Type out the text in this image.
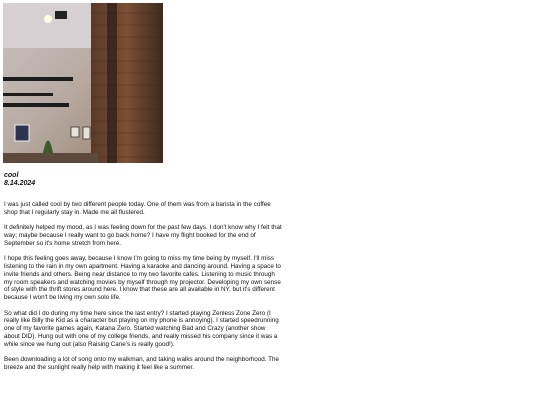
cool
8.14.2024

I was just called cool by two different people today. One of them was from a barista in the coffee shop that I regularly stay in. Made me all flustered.

It definitely helped my mood, as I was feeling down for the past few days. I don't know why I felt that way; maybe because I really want to go back home? I have my flight booked for the end of September so it's home stretch from here.

I hope this feeling goes away, because I know I'm going to miss my time being by myself. I'll miss listening to the rain in my own apartment. Having a karaoke and dancing around. Having a space to invite friends and others. Being near distance to my two favorite cafes. Listening to music through my room speakers and watching movies by myself through my projector. Developing my own sense of style with the thrift stores around here. I know that these are all available in NY, but it's different because I won't be living my own solo life.

So what did I do during my time here since the last entry? I started playing Zenless Zone Zero (I really like Billy the Kid as a character but playing on my phone is annoying). I started speedrunning one of my favorite games again, Katana Zero. Started watching Bad and Crazy (another show about DID). Hung out with one of my college friends, and really missed his company since it was a while since we hung out (also Raising Cane's is really good!).

Been downloading a lot of song onto my walkman, and taking walks around the neighborhood. The breeze and the sunlight really help with making it feel like a summer.
